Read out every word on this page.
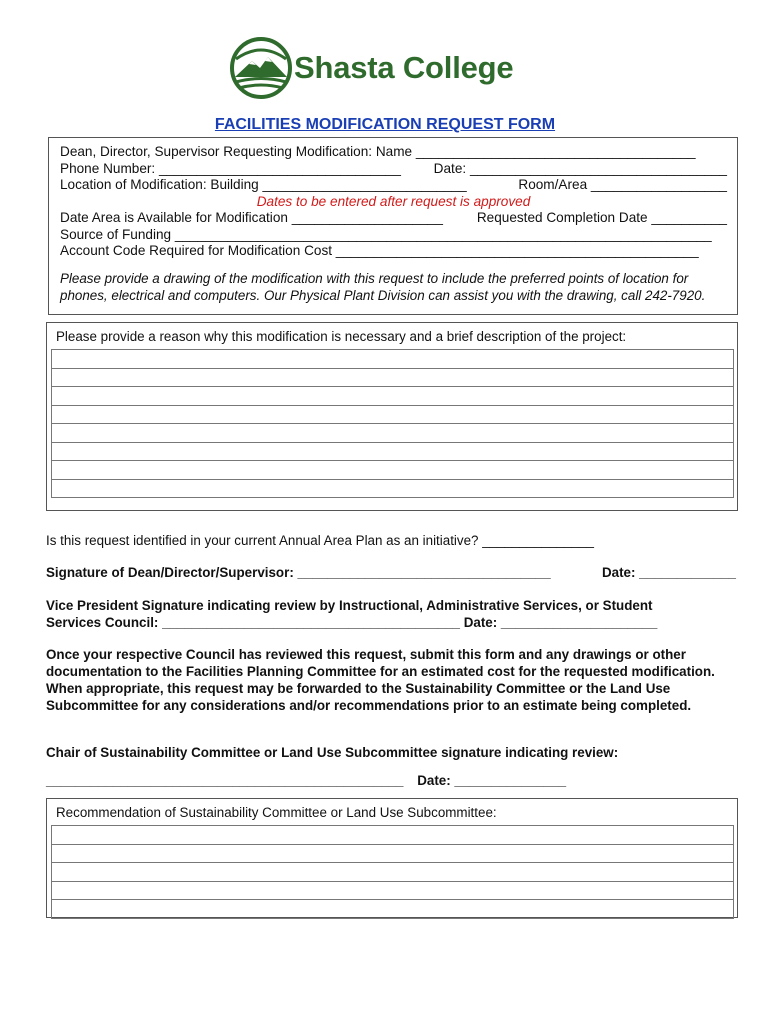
Shasta College
FACILITIES MODIFICATION REQUEST FORM
Dean, Director, Supervisor Requesting Modification: Name _____________________________________
Phone Number: ________________________________ Date: __________________________________
Location of Modification: Building ___________________________	Room/Area __________________
Dates to be entered after request is approved
Date Area is Available for Modification ____________________ Requested Completion Date __________
Source of Funding _______________________________________________________________________
Account Code Required for Modification Cost ________________________________________________
Please provide a drawing of the modification with this request to include the preferred points of location for phones, electrical and computers. Our Physical Plant Division can assist you with the drawing, call 242-7920.
Please provide a reason why this modification is necessary and a brief description of the project:
Is this request identified in your current Annual Area Plan as an initiative? _______________
Signature of Dean/Director/Supervisor: __________________________________	Date: _____________
Vice President Signature indicating review by Instructional, Administrative Services, or Student
Services Council: ________________________________________ Date: _____________________
Once your respective Council has reviewed this request, submit this form and any drawings or other documentation to the Facilities Planning Committee for an estimated cost for the requested modification. When appropriate, this request may be forwarded to the Sustainability Committee or the Land Use Subcommittee for any considerations and/or recommendations prior to an estimate being completed.
Chair of Sustainability Committee or Land Use Subcommittee signature indicating review:
________________________________________________ Date: _______________
Recommendation of Sustainability Committee or Land Use Subcommittee:
